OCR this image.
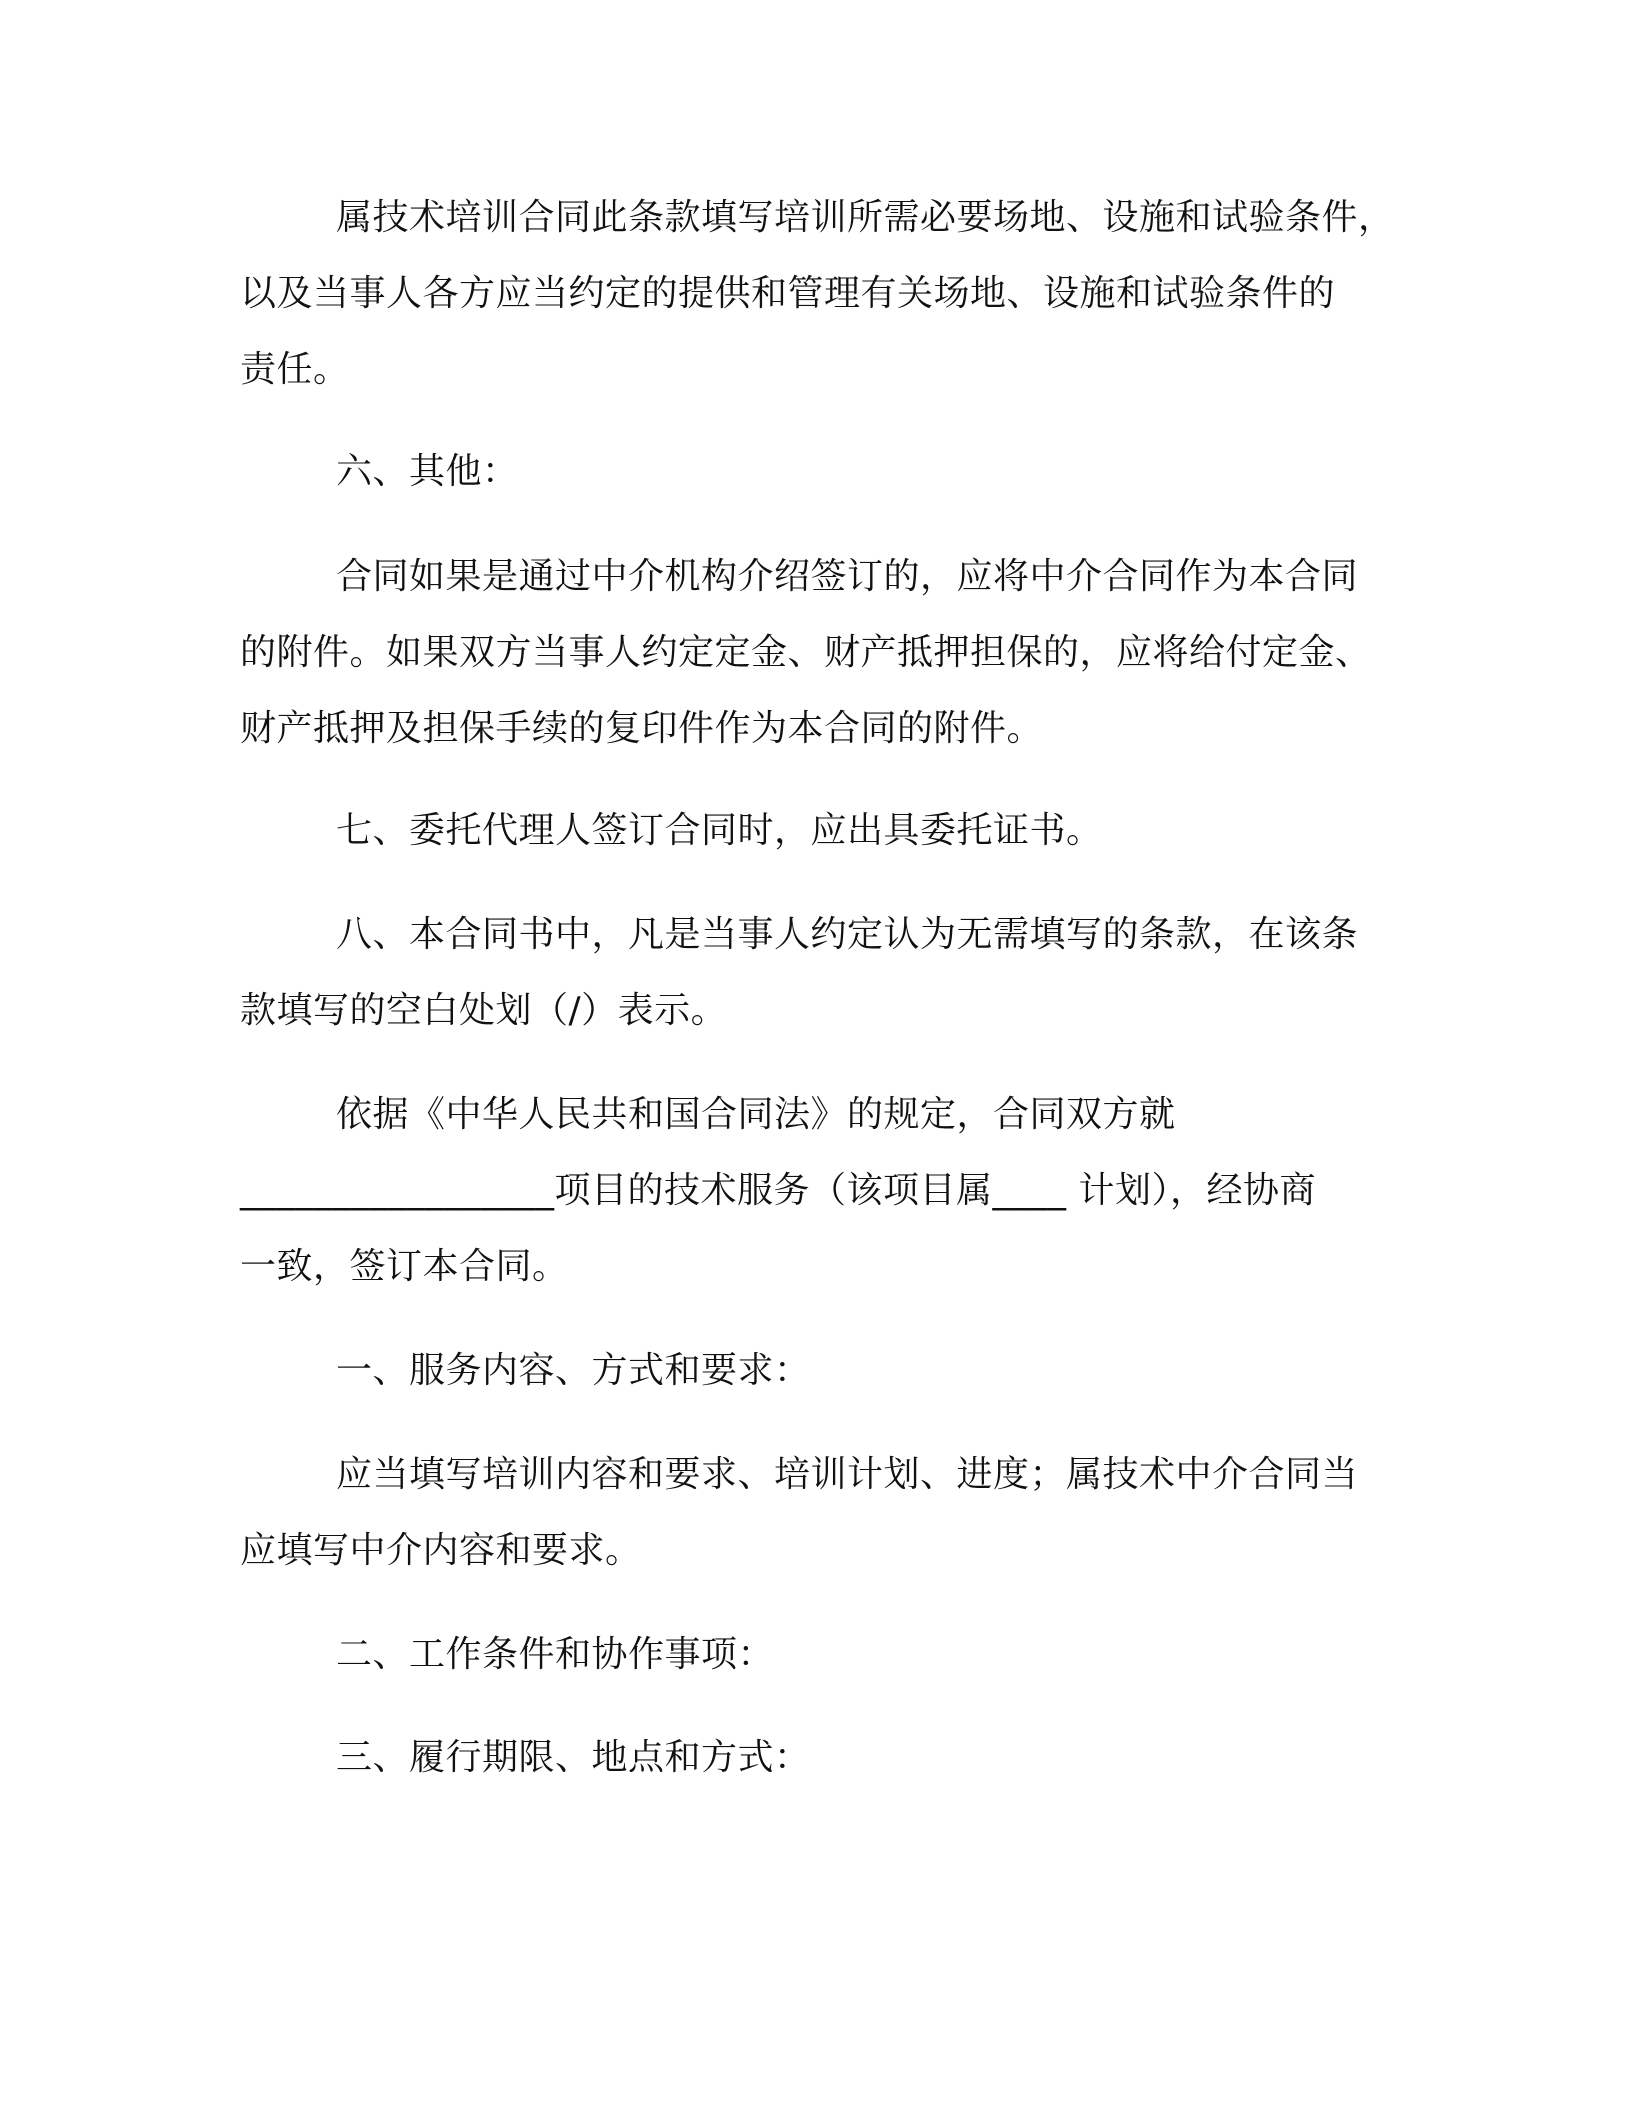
属技术培训合同此条款填写培训所需必要场地、设施和试验条件，
以及当事人各方应当约定的提供和管理有关场地、设施和试验条件的
责任。
六、其他：
合同如果是通过中介机构介绍签订的，应将中介合同作为本合同
的附件。如果双方当事人约定定金、财产抵押担保的，应将给付定金、
财产抵押及担保手续的复印件作为本合同的附件。
七、委托代理人签订合同时，应出具委托证书。
八、本合同书中，凡是当事人约定认为无需填写的条款，在该条
款填写的空白处划（/）表示。
依据《中华人民共和国合同法》的规定，合同双方就
_________________项目的技术服务（该项目属____ 计划），经协商
一致，签订本合同。
一、服务内容、方式和要求：
应当填写培训内容和要求、培训计划、进度；属技术中介合同当
应填写中介内容和要求。
二、工作条件和协作事项：
三、履行期限、地点和方式：
